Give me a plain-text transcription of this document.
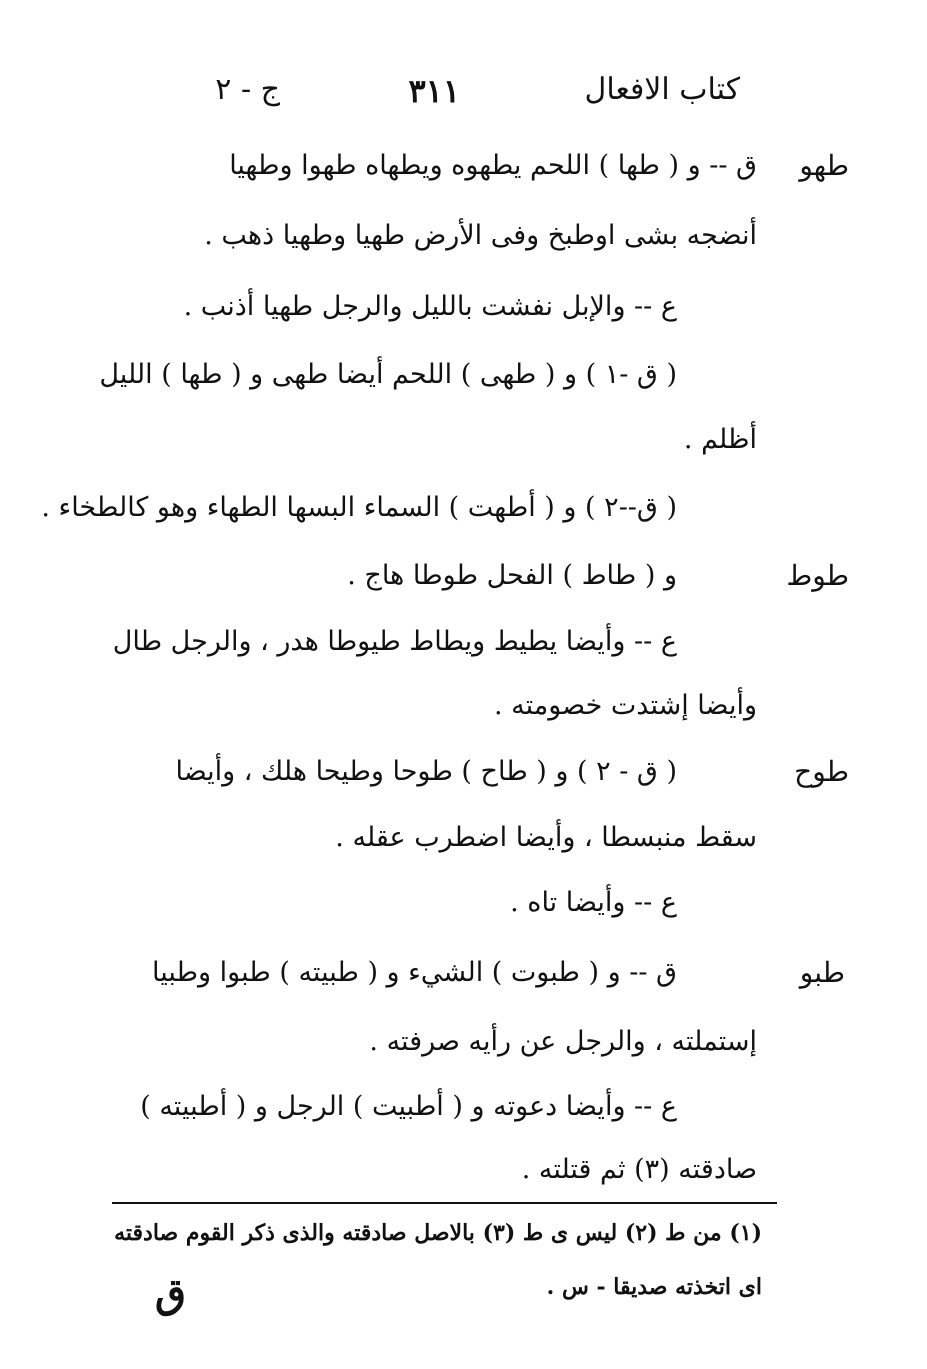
كتاب الافعال
٣١١
ج - ٢
طهو
ق -- و ( طها ) اللحم يطهوه ويطهاه طهوا وطهيا
أنضجه بشى اوطبخ وفى الأرض طهيا وطهيا ذهب .
ع -- والإبل نفشت بالليل والرجل طهيا أذنب .
( ق -١ ) و ( طهى ) اللحم أيضا طهى و ( طها ) الليل
أظلم .
( ق--٢ ) و ( أطهت ) السماء البسها الطهاء وهو كالطخاء .
طوط
و ( طاط ) الفحل طوطا هاج .
ع -- وأيضا يطيط ويطاط طيوطا هدر ، والرجل طال
وأيضا إشتدت خصومته .
طوح
( ق - ٢ ) و ( طاح ) طوحا وطيحا هلك ، وأيضا
سقط منبسطا ، وأيضا اضطرب عقله .
ع -- وأيضا تاه .
طبو
ق -- و ( طبوت ) الشيء و ( طبيته ) طبوا وطبيا
إستملته ، والرجل عن رأيه صرفته .
ع -- وأيضا دعوته و ( أطبيت ) الرجل و ( أطبيته )
صادقته (٣) ثم قتلته .
(١) من ط (٢) ليس ى ط (٣) بالاصل صادقته والذى ذكر القوم صادقته
اى اتخذته صديقا - س .
ق
